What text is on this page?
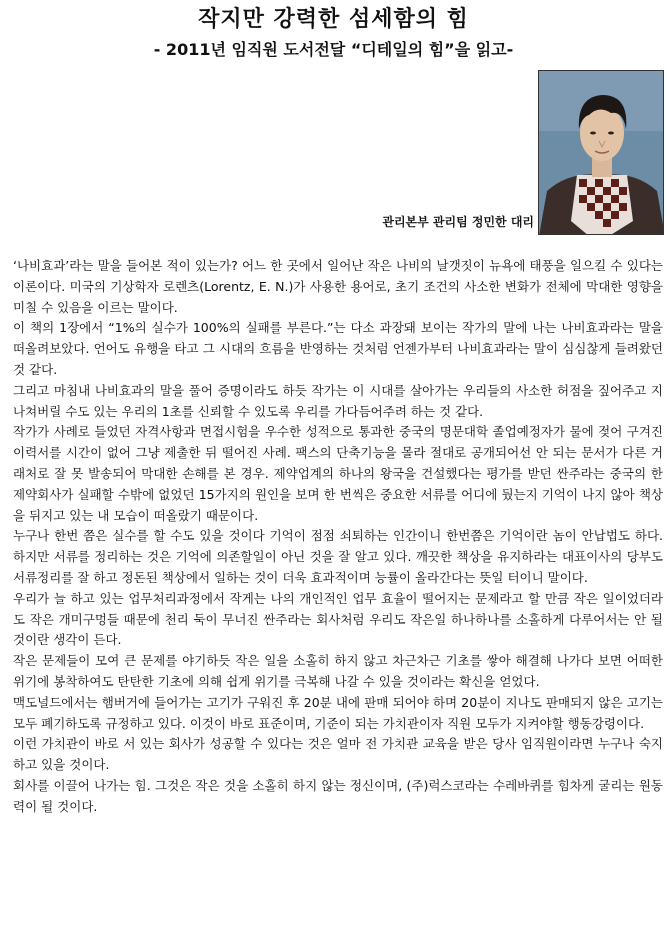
작지만 강력한 섬세함의 힘
- 2011년 임직원 도서전달 “디테일의 힘”을 읽고-
관리본부 관리팀 정민한 대리

‘나비효과’라는 말을 들어본 적이 있는가? 어느 한 곳에서 일어난 작은 나비의 날갯짓이 뉴욕에 태풍을 일으킬 수 있다는 이론이다. 미국의 기상학자 로렌츠(Lorentz, E. N.)가 사용한 용어로, 초기 조건의 사소한 변화가 전체에 막대한 영향을 미칠 수 있음을 이르는 말이다.

이 책의 1장에서 “1%의 실수가 100%의 실패를 부른다.”는 다소 과장돼 보이는 작가의 말에 나는 나비효과라는 말을 떠올려보았다. 언어도 유행을 타고 그 시대의 흐름을 반영하는 것처럼 언젠가부터 나비효과라는 말이 심심찮게 들려왔던 것 같다.

그리고 마침내 나비효과의 말을 풀어 증명이라도 하듯 작가는 이 시대를 살아가는 우리들의 사소한 허점을 짚어주고 지나쳐버릴 수도 있는 우리의 1초를 신뢰할 수 있도록 우리를 가다듬어주려 하는 것 같다.

작가가 사례로 들었던 자격사항과 면접시험을 우수한 성적으로 통과한 중국의 명문대학 졸업예정자가 물에 젖어 구겨진 이력서를 시간이 없어 그냥 제출한 뒤 떨어진 사례. 팩스의 단축기능을 몰라 절대로 공개되어선 안 되는 문서가 다른 거래처로 잘 못 발송되어 막대한 손해를 본 경우. 제약업계의 하나의 왕국을 건설했다는 평가를 받던 싼주라는 중국의 한 제약회사가 실패할 수밖에 없었던 15가지의 원인을 보며 한 번씩은 중요한 서류를 어디에 뒀는지 기억이 나지 않아 책상을 뒤지고 있는 내 모습이 떠올랐기 때문이다.

누구나 한번 쯤은 실수를 할 수도 있을 것이다 기억이 점점 쇠퇴하는 인간이니 한번쯤은 기억이란 놈이 안납법도 하다. 하지만 서류를 정리하는 것은 기억에 의존할일이 아닌 것을 잘 알고 있다. 깨끗한 책상을 유지하라는 대표이사의 당부도 서류정리를 잘 하고 정돈된 책상에서 일하는 것이 더욱 효과적이며 능률이 올라간다는 뜻일 터이니 말이다.

우리가 늘 하고 있는 업무처리과정에서 작게는 나의 개인적인 업무 효율이 떨어지는 문제라고 할 만큼 작은 일이었더라도 작은 개미구멍들 때문에 천리 둑이 무너진 싼주라는 회사처럼 우리도 작은일 하나하나를 소홀하게 다루어서는 안 될 것이란 생각이 든다.

작은 문제들이 모여 큰 문제를 야기하듯 작은 일을 소홀히 하지 않고 차근차근 기초를 쌓아 해결해 나가다 보면 어떠한 위기에 봉착하여도 탄탄한 기초에 의해 쉽게 위기를 극복해 나갈 수 있을 것이라는 확신을 얻었다.

맥도널드에서는 햄버거에 들어가는 고기가 구워진 후 20분 내에 판매 되어야 하며 20분이 지나도 판매되지 않은 고기는 모두 폐기하도록 규정하고 있다. 이것이 바로 표준이며, 기준이 되는 가치관이자 직원 모두가 지켜야할 행동강령이다.

이런 가치관이 바로 서 있는 회사가 성공할 수 있다는 것은 얼마 전 가치관 교육을 받은 당사 임직원이라면 누구나 숙지하고 있을 것이다.

회사를 이끌어 나가는 힘. 그것은 작은 것을 소홀히 하지 않는 정신이며, (주)럭스코라는 수레바퀴를 힘차게 굴리는 원동력이 될 것이다.
